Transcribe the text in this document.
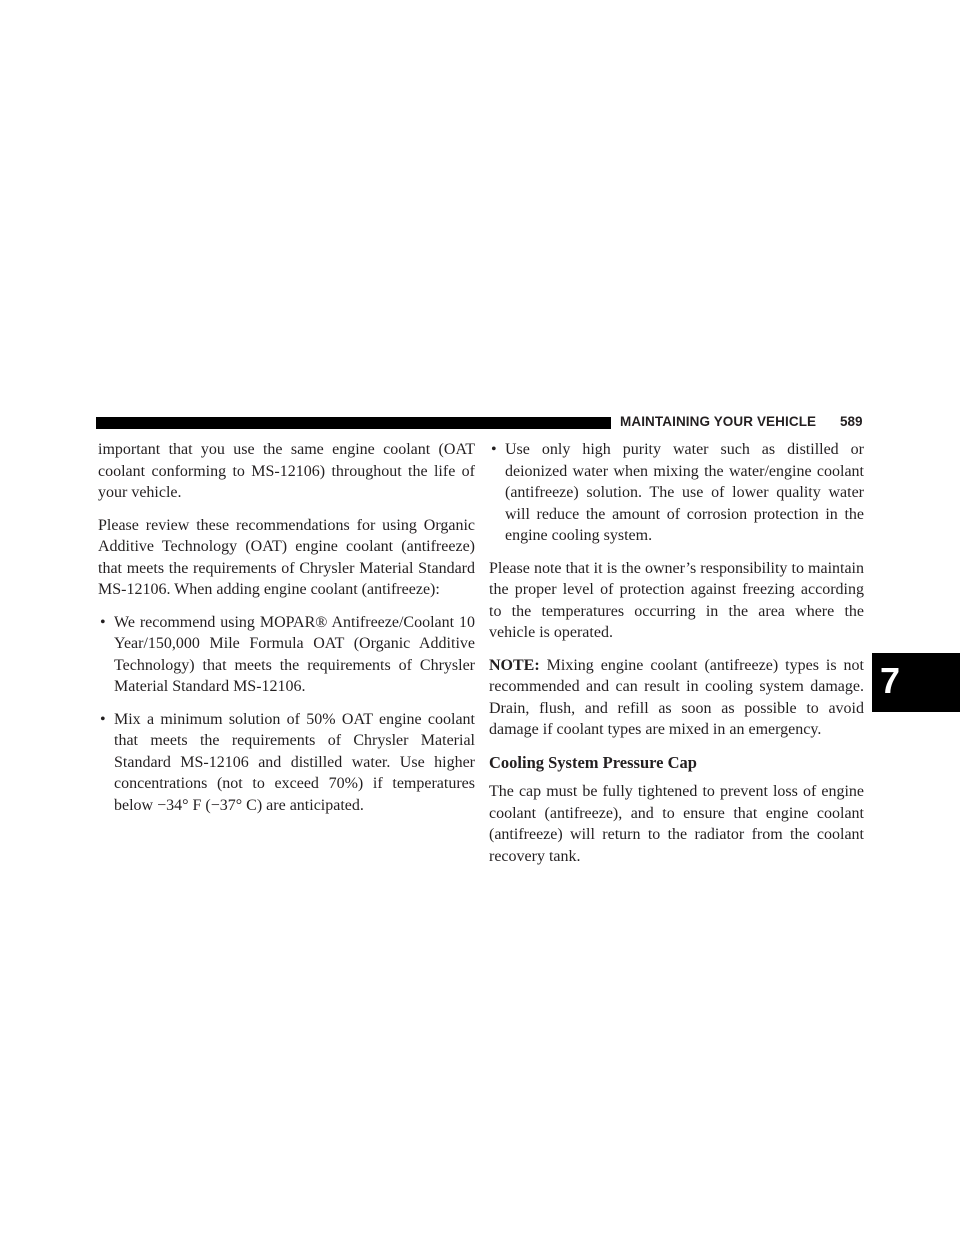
MAINTAINING YOUR VEHICLE 589
7

important that you use the same engine coolant (OAT coolant conforming to MS-12106) throughout the life of your vehicle.

Please review these recommendations for using Organic Additive Technology (OAT) engine coolant (antifreeze) that meets the requirements of Chrysler Material Standard MS-12106. When adding engine coolant (antifreeze):

• We recommend using MOPAR® Antifreeze/Coolant 10 Year/150,000 Mile Formula OAT (Organic Additive Technology) that meets the requirements of Chrysler Material Standard MS-12106.
• Mix a minimum solution of 50% OAT engine coolant that meets the requirements of Chrysler Material Standard MS-12106 and distilled water. Use higher concentrations (not to exceed 70%) if temperatures below −34° F (−37° C) are anticipated.
• Use only high purity water such as distilled or deionized water when mixing the water/engine coolant (antifreeze) solution. The use of lower quality water will reduce the amount of corrosion protection in the engine cooling system.

Please note that it is the owner’s responsibility to maintain the proper level of protection against freezing according to the temperatures occurring in the area where the vehicle is operated.

NOTE: Mixing engine coolant (antifreeze) types is not recommended and can result in cooling system damage. Drain, flush, and refill as soon as possible to avoid damage if coolant types are mixed in an emergency.

Cooling System Pressure Cap

The cap must be fully tightened to prevent loss of engine coolant (antifreeze), and to ensure that engine coolant (antifreeze) will return to the radiator from the coolant recovery tank.
